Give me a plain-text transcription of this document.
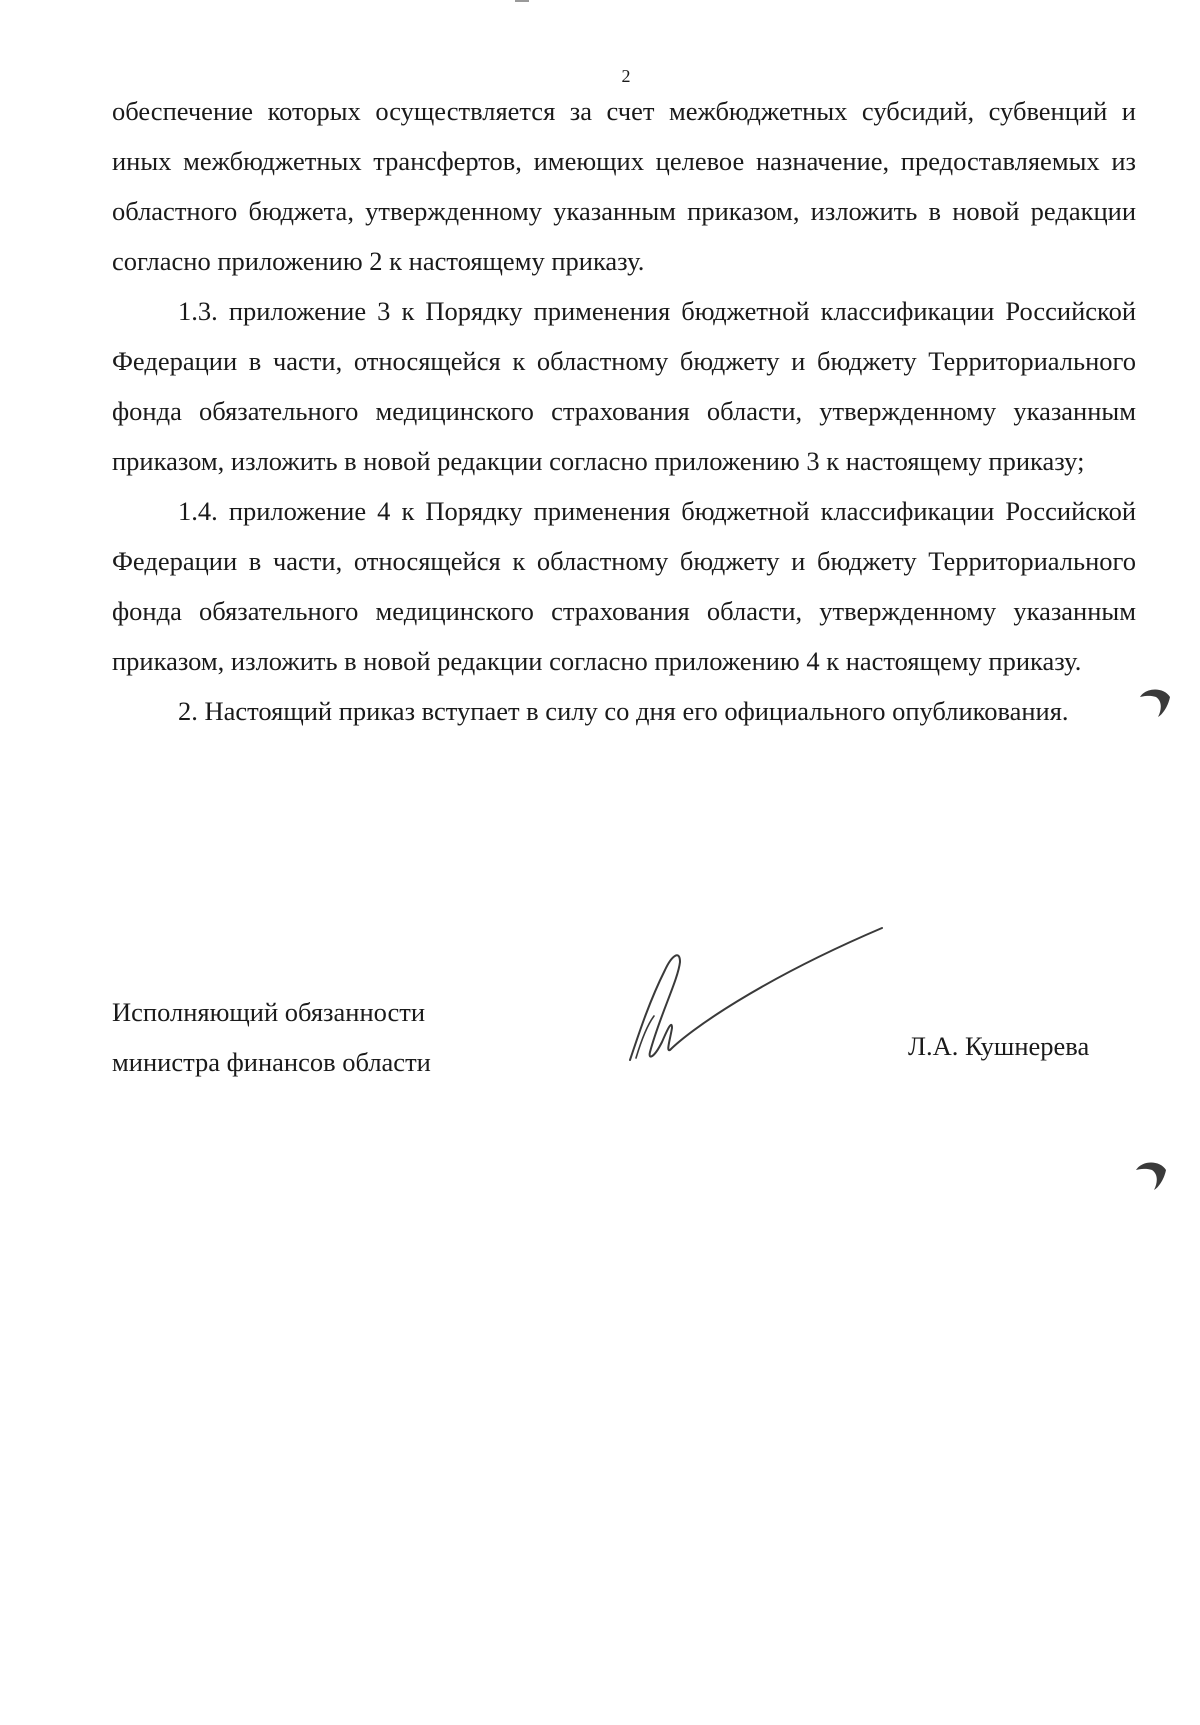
2

обеспечение которых осуществляется за счет межбюджетных субсидий, субвенций и иных межбюджетных трансфертов, имеющих целевое назначение, предоставляемых из областного бюджета, утвержденному указанным приказом, изложить в новой редакции согласно приложению 2 к настоящему приказу.

1.3. приложение 3 к Порядку применения бюджетной классификации Российской Федерации в части, относящейся к областному бюджету и бюджету Территориального фонда обязательного медицинского страхования области, утвержденному указанным приказом, изложить в новой редакции согласно приложению 3 к настоящему приказу;

1.4. приложение 4 к Порядку применения бюджетной классификации Российской Федерации в части, относящейся к областному бюджету и бюджету Территориального фонда обязательного медицинского страхования области, утвержденному указанным приказом, изложить в новой редакции согласно приложению 4 к настоящему приказу.

2. Настоящий приказ вступает в силу со дня его официального опубликования.

Исполняющий обязанности
министра финансов области
Л.А. Кушнерева
